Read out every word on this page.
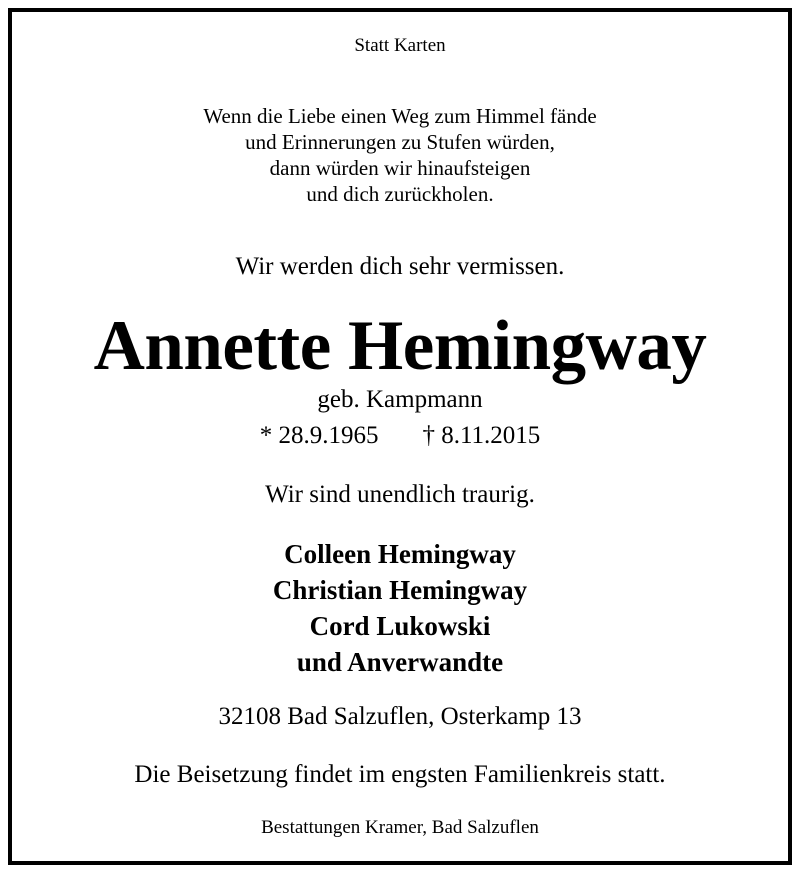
Statt Karten
Wenn die Liebe einen Weg zum Himmel fände
und Erinnerungen zu Stufen würden,
dann würden wir hinaufsteigen
und dich zurückholen.
Wir werden dich sehr vermissen.
Annette Hemingway
geb. Kampmann
* 28.9.1965 † 8.11.2015
Wir sind unendlich traurig.
Colleen Hemingway
Christian Hemingway
Cord Lukowski
und Anverwandte
32108 Bad Salzuflen, Osterkamp 13
Die Beisetzung findet im engsten Familienkreis statt.
Bestattungen Kramer, Bad Salzuflen
